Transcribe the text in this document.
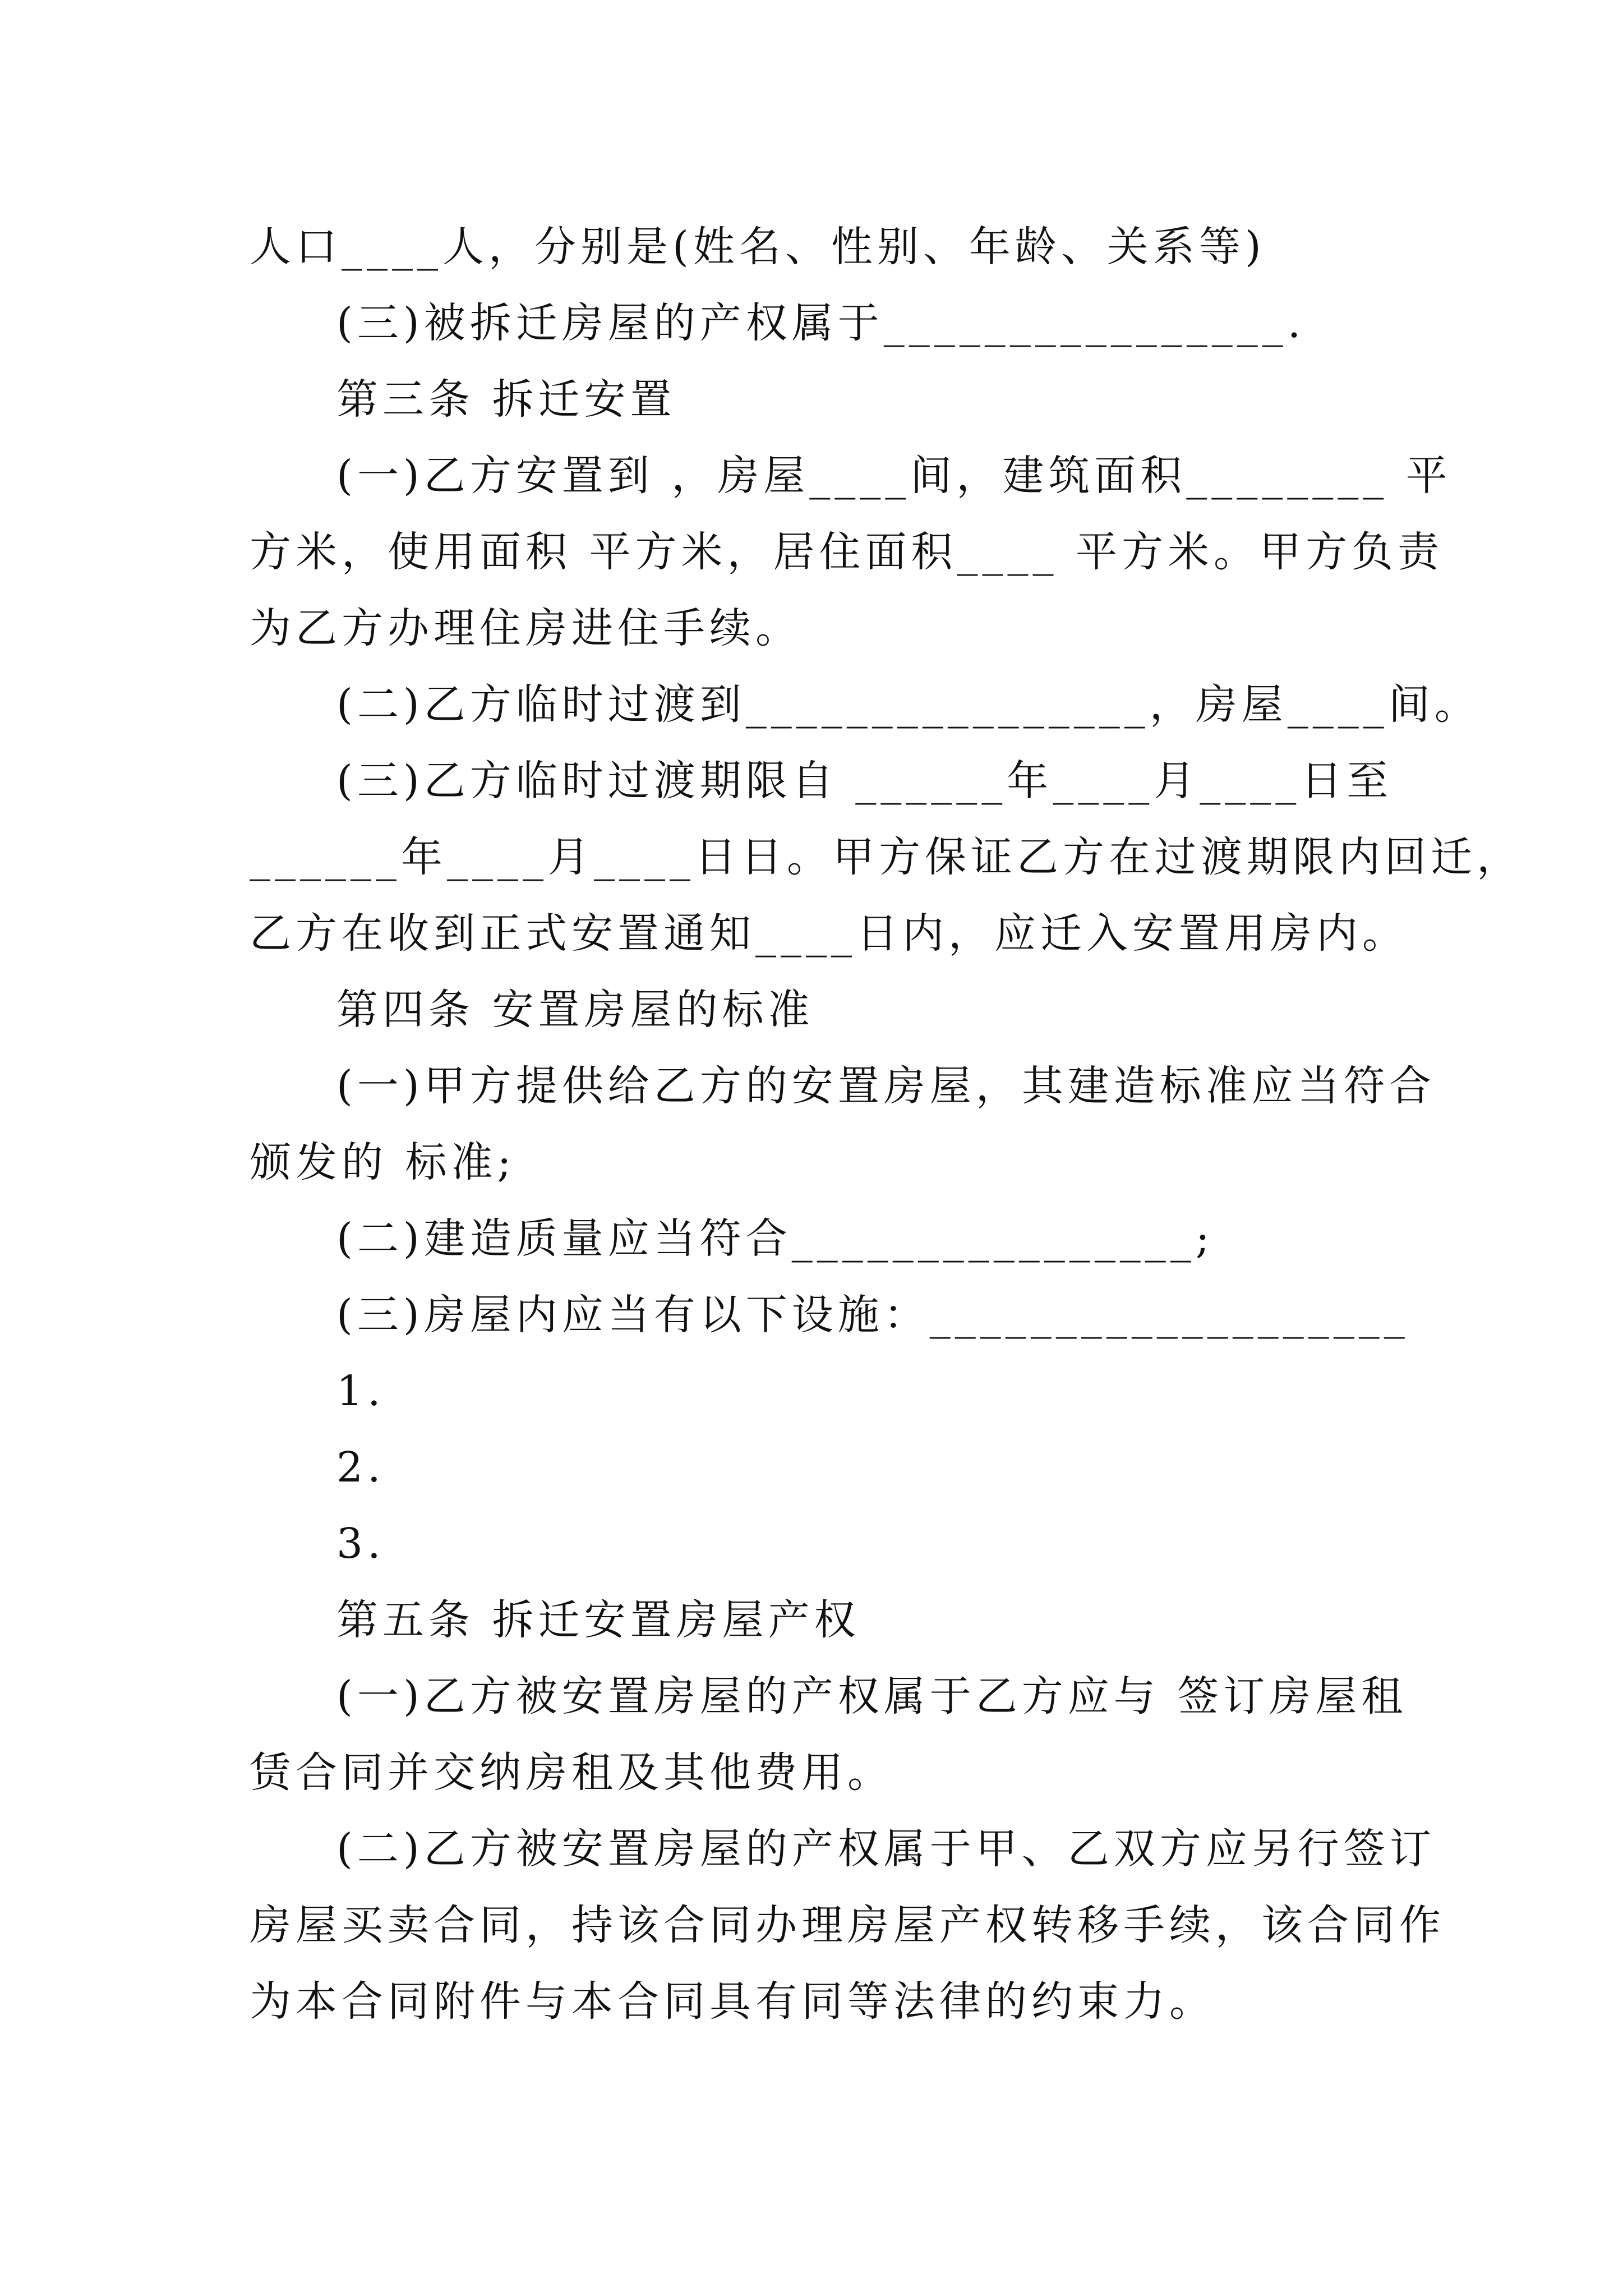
人口____人，分别是(姓名、性别、年龄、关系等)
(三)被拆迁房屋的产权属于________________.
第三条 拆迁安置
(一)乙方安置到 ，房屋____间，建筑面积________ 平
方米，使用面积 平方米，居住面积____ 平方米。甲方负责
为乙方办理住房进住手续。
(二)乙方临时过渡到________________，房屋____间。
(三)乙方临时过渡期限自 ______年____月____日至
______年____月____日日。甲方保证乙方在过渡期限内回迁，
乙方在收到正式安置通知____日内，应迁入安置用房内。
第四条 安置房屋的标准
(一)甲方提供给乙方的安置房屋，其建造标准应当符合
颁发的 标准;
(二)建造质量应当符合________________;
(三)房屋内应当有以下设施：___________________
1.
2.
3.
第五条 拆迁安置房屋产权
(一)乙方被安置房屋的产权属于乙方应与 签订房屋租
赁合同并交纳房租及其他费用。
(二)乙方被安置房屋的产权属于甲、乙双方应另行签订
房屋买卖合同，持该合同办理房屋产权转移手续，该合同作
为本合同附件与本合同具有同等法律的约束力。
